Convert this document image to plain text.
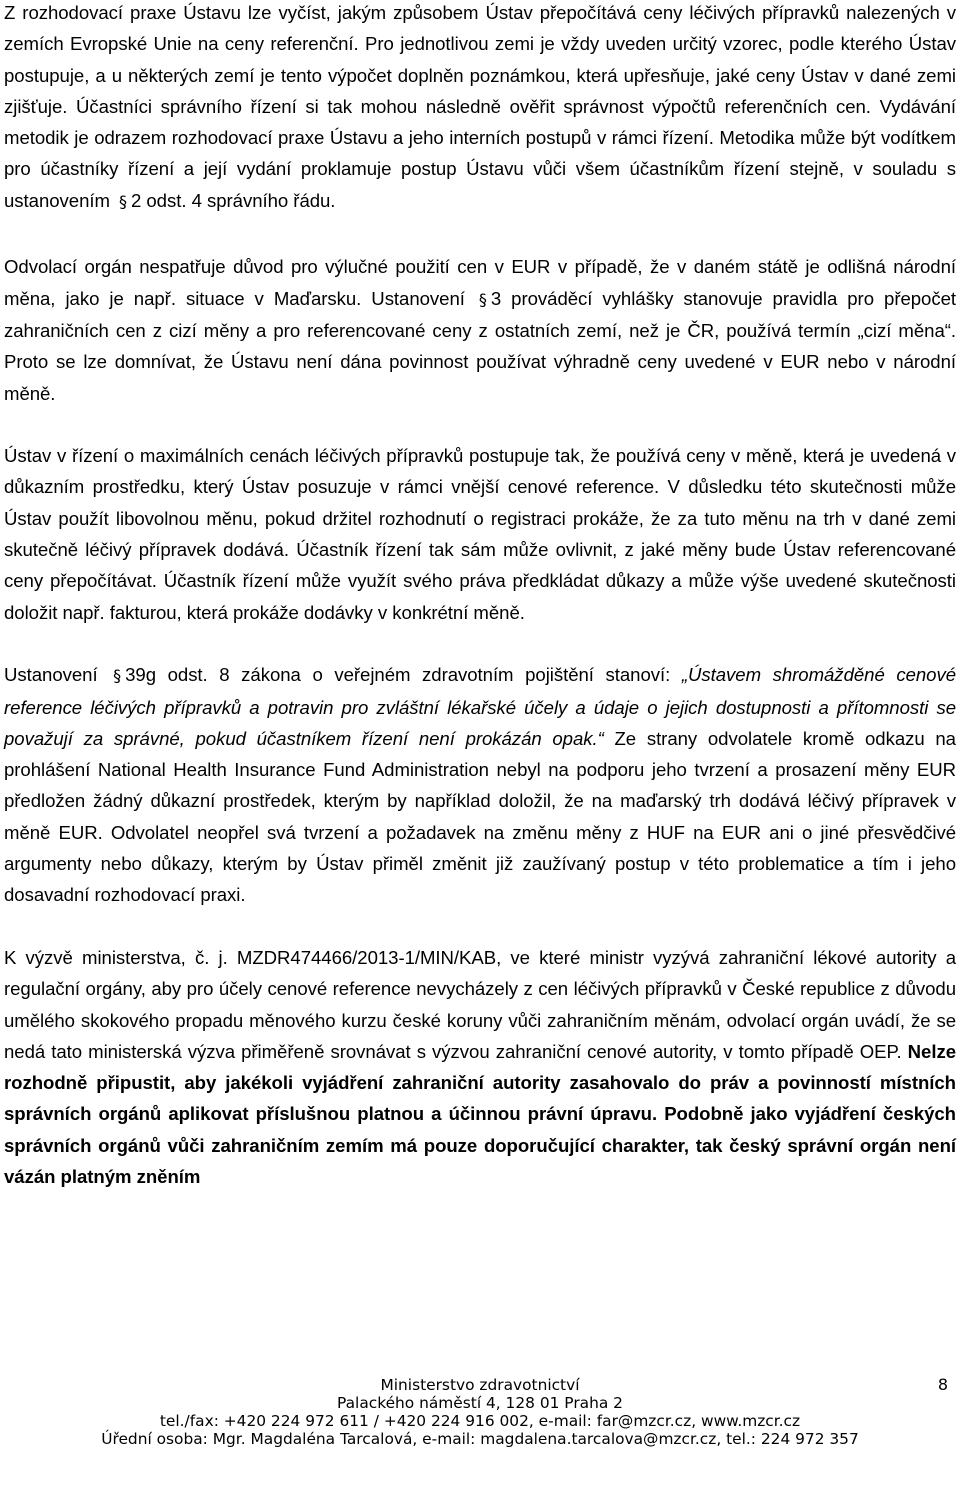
Z rozhodovací praxe Ústavu lze vyčíst, jakým způsobem Ústav přepočítává ceny léčivých přípravků nalezených v zemích Evropské Unie na ceny referenční. Pro jednotlivou zemi je vždy uveden určitý vzorec, podle kterého Ústav postupuje, a u některých zemí je tento výpočet doplněn poznámkou, která upřesňuje, jaké ceny Ústav v dané zemi zjišťuje. Účastníci správního řízení si tak mohou následně ověřit správnost výpočtů referenčních cen. Vydávání metodik je odrazem rozhodovací praxe Ústavu a jeho interních postupů v rámci řízení. Metodika může být vodítkem pro účastníky řízení a její vydání proklamuje postup Ústavu vůči všem účastníkům řízení stejně, v souladu s ustanovením § 2 odst. 4 správního řádu.

Odvolací orgán nespatřuje důvod pro výlučné použití cen v EUR v případě, že v daném státě je odlišná národní měna, jako je např. situace v Maďarsku. Ustanovení § 3 prováděcí vyhlášky stanovuje pravidla pro přepočet zahraničních cen z cizí měny a pro referencované ceny z ostatních zemí, než je ČR, používá termín „cizí měna“. Proto se lze domnívat, že Ústavu není dána povinnost používat výhradně ceny uvedené v EUR nebo v národní měně.

Ústav v řízení o maximálních cenách léčivých přípravků postupuje tak, že používá ceny v měně, která je uvedená v důkazním prostředku, který Ústav posuzuje v rámci vnější cenové reference. V důsledku této skutečnosti může Ústav použít libovolnou měnu, pokud držitel rozhodnutí o registraci prokáže, že za tuto měnu na trh v dané zemi skutečně léčivý přípravek dodává. Účastník řízení tak sám může ovlivnit, z jaké měny bude Ústav referencované ceny přepočítávat. Účastník řízení může využít svého práva předkládat důkazy a může výše uvedené skutečnosti doložit např. fakturou, která prokáže dodávky v konkrétní měně.

Ustanovení § 39g odst. 8 zákona o veřejném zdravotním pojištění stanoví: „Ústavem shromážděné cenové reference léčivých přípravků a potravin pro zvláštní lékařské účely a údaje o jejich dostupnosti a přítomnosti se považují za správné, pokud účastníkem řízení není prokázán opak.“ Ze strany odvolatele kromě odkazu na prohlášení National Health Insurance Fund Administration nebyl na podporu jeho tvrzení a prosazení měny EUR předložen žádný důkazní prostředek, kterým by například doložil, že na maďarský trh dodává léčivý přípravek v měně EUR. Odvolatel neopřel svá tvrzení a požadavek na změnu měny z HUF na EUR ani o jiné přesvědčivé argumenty nebo důkazy, kterým by Ústav přiměl změnit již zaužívaný postup v této problematice a tím i jeho dosavadní rozhodovací praxi.

K výzvě ministerstva, č. j. MZDR474466/2013-1/MIN/KAB, ve které ministr vyzývá zahraniční lékové autority a regulační orgány, aby pro účely cenové reference nevycházely z cen léčivých přípravků v České republice z důvodu umělého skokového propadu měnového kurzu české koruny vůči zahraničním měnám, odvolací orgán uvádí, že se nedá tato ministerská výzva přiměřeně srovnávat s výzvou zahraniční cenové autority, v tomto případě OEP. Nelze rozhodně připustit, aby jakékoli vyjádření zahraniční autority zasahovalo do práv a povinností místních správních orgánů aplikovat příslušnou platnou a účinnou právní úpravu. Podobně jako vyjádření českých správních orgánů vůči zahraničním zemím má pouze doporučující charakter, tak český správní orgán není vázán platným zněním

Ministerstvo zdravotnictví
Palackého náměstí 4, 128 01 Praha 2
tel./fax: +420 224 972 611 / +420 224 916 002, e-mail: far@mzcr.cz, www.mzcr.cz
Úřední osoba: Mgr. Magdaléna Tarcalová, e-mail: magdalena.tarcalova@mzcr.cz, tel.: 224 972 357
8
